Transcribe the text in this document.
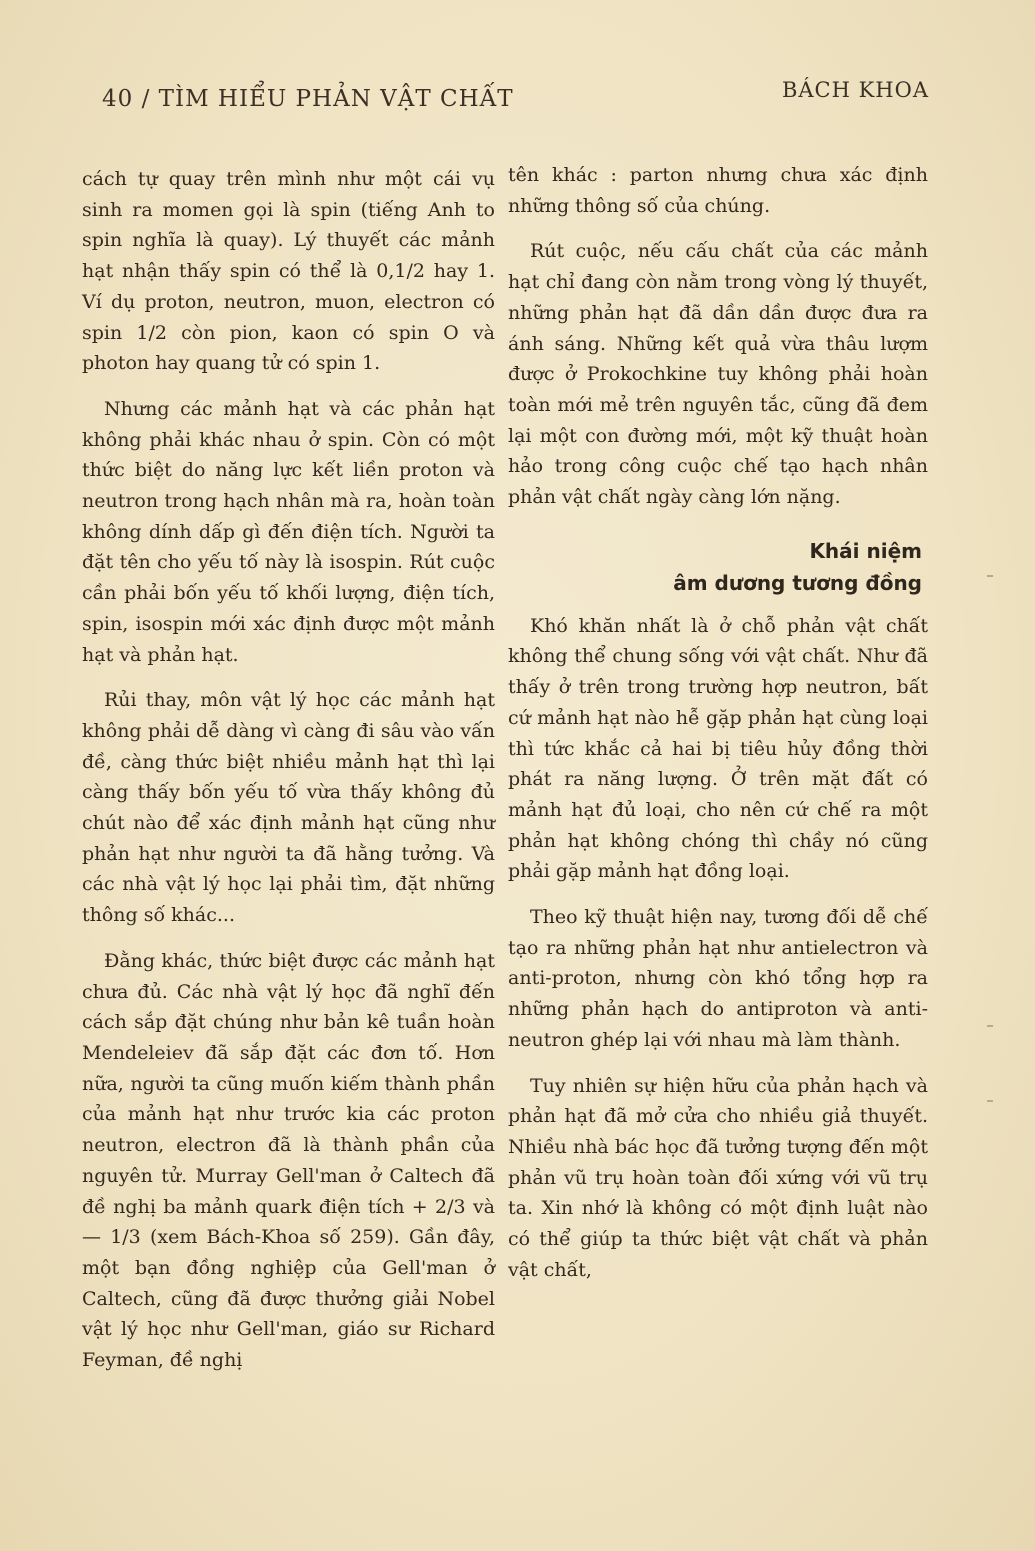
40 / TÌM HIỂU PHẢN VẬT CHẤT	BÁCH KHOA

cách tự quay trên mình như một cái vụ sinh ra momen gọi là spin (tiếng Anh to spin nghĩa là quay). Lý thuyết các mảnh hạt nhận thấy spin có thể là 0,1/2 hay 1. Ví dụ proton, neutron, muon, electron có spin 1/2 còn pion, kaon có spin O và photon hay quang tử có spin 1.

Nhưng các mảnh hạt và các phản hạt không phải khác nhau ở spin. Còn có một thức biệt do năng lực kết liền proton và neutron trong hạch nhân mà ra, hoàn toàn không dính dấp gì đến điện tích. Người ta đặt tên cho yếu tố này là isospin. Rút cuộc cần phải bốn yếu tố khối lượng, điện tích, spin, isospin mới xác định được một mảnh hạt và phản hạt.

Rủi thay, môn vật lý học các mảnh hạt không phải dễ dàng vì càng đi sâu vào vấn đề, càng thức biệt nhiều mảnh hạt thì lại càng thấy bốn yếu tố vừa thấy không đủ chút nào để xác định mảnh hạt cũng như phản hạt như người ta đã hằng tưởng. Và các nhà vật lý học lại phải tìm, đặt những thông số khác...

Đằng khác, thức biệt được các mảnh hạt chưa đủ. Các nhà vật lý học đã nghĩ đến cách sắp đặt chúng như bản kê tuần hoàn Mendeleiev đã sắp đặt các đơn tố. Hơn nữa, người ta cũng muốn kiếm thành phần của mảnh hạt như trước kia các proton neutron, electron đã là thành phần của nguyên tử. Murray Gell'man ở Caltech đã đề nghị ba mảnh quark điện tích + 2/3 và — 1/3 (xem Bách-Khoa số 259). Gần đây, một bạn đồng nghiệp của Gell'man ở Caltech, cũng đã được thưởng giải Nobel vật lý học như Gell'man, giáo sư Richard Feyman, đề nghị

tên khác : parton nhưng chưa xác định những thông số của chúng.

Rút cuộc, nếu cấu chất của các mảnh hạt chỉ đang còn nằm trong vòng lý thuyết, những phản hạt đã dần dần được đưa ra ánh sáng. Những kết quả vừa thâu lượm được ở Prokochkine tuy không phải hoàn toàn mới mẻ trên nguyên tắc, cũng đã đem lại một con đường mới, một kỹ thuật hoàn hảo trong công cuộc chế tạo hạch nhân phản vật chất ngày càng lớn nặng.

Khái niệm
âm dương tương đồng

Khó khăn nhất là ở chỗ phản vật chất không thể chung sống với vật chất. Như đã thấy ở trên trong trường hợp neutron, bất cứ mảnh hạt nào hễ gặp phản hạt cùng loại thì tức khắc cả hai bị tiêu hủy đồng thời phát ra năng lượng. Ở trên mặt đất có mảnh hạt đủ loại, cho nên cứ chế ra một phản hạt không chóng thì chầy nó cũng phải gặp mảnh hạt đồng loại.

Theo kỹ thuật hiện nay, tương đối dễ chế tạo ra những phản hạt như antielectron và anti-proton, nhưng còn khó tổng hợp ra những phản hạch do antiproton và anti-neutron ghép lại với nhau mà làm thành.

Tuy nhiên sự hiện hữu của phản hạch và phản hạt đã mở cửa cho nhiều giả thuyết. Nhiều nhà bác học đã tưởng tượng đến một phản vũ trụ hoàn toàn đối xứng với vũ trụ ta. Xin nhớ là không có một định luật nào có thể giúp ta thức biệt vật chất và phản vật chất,
